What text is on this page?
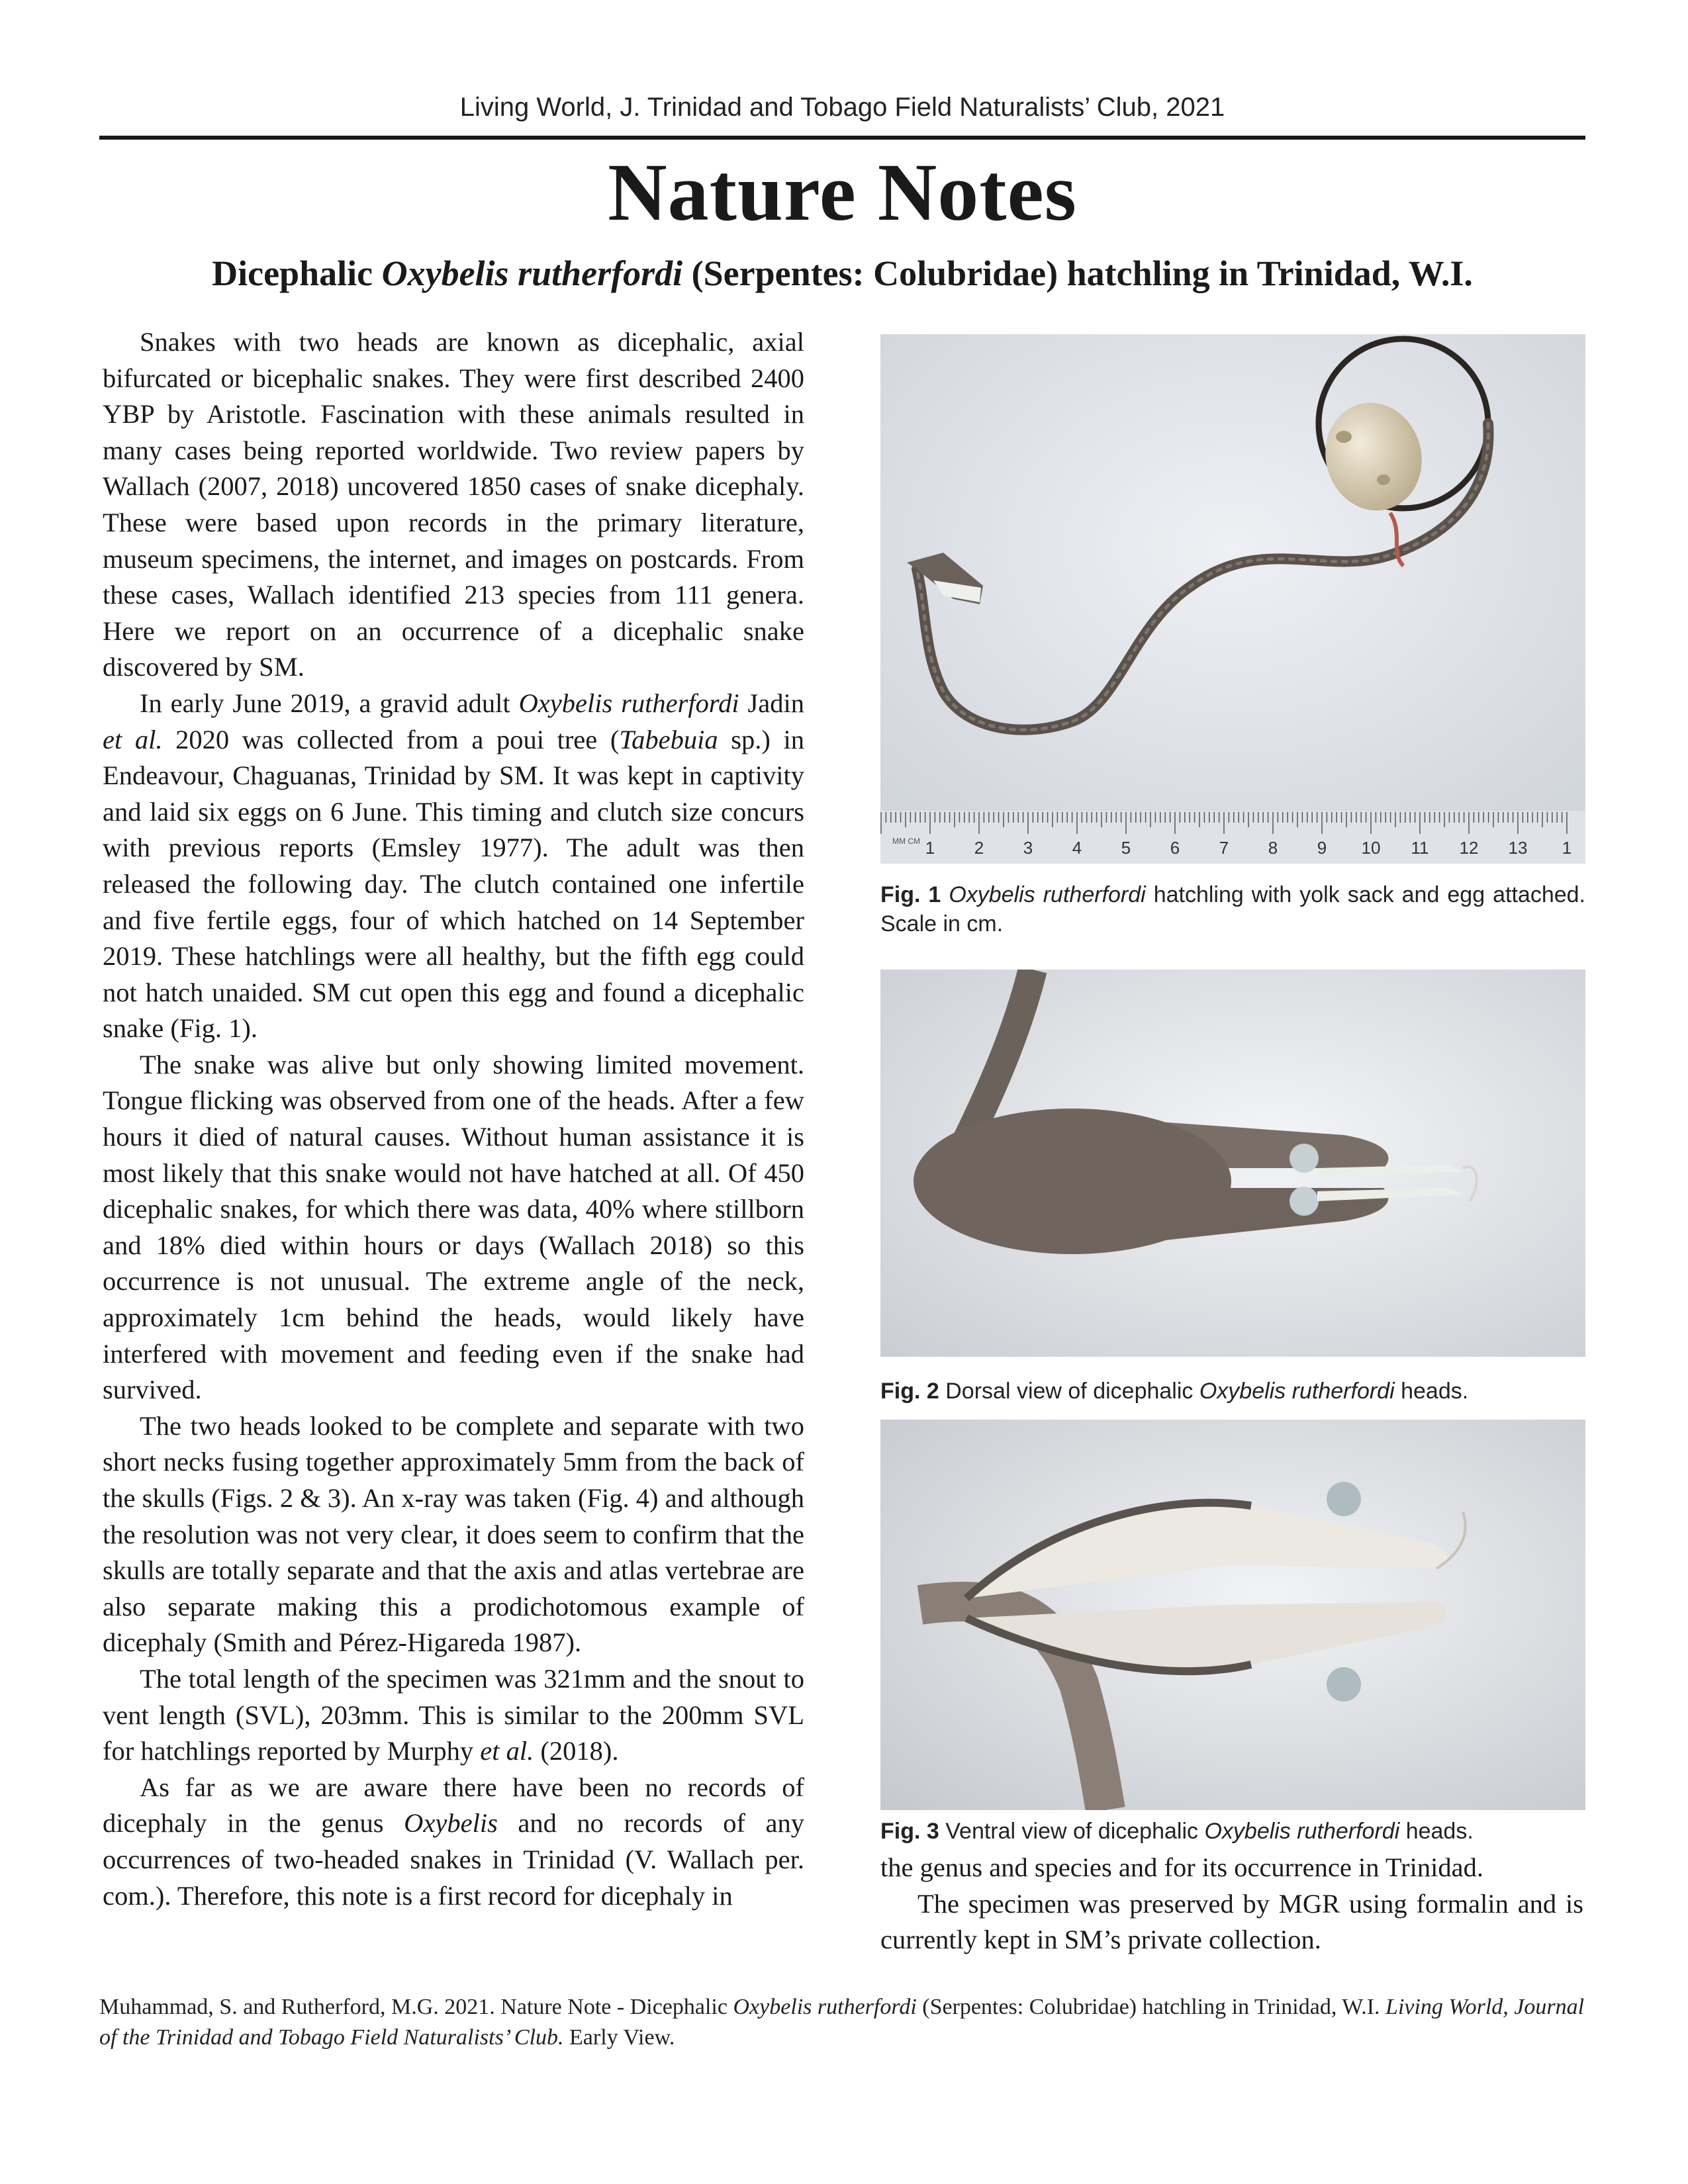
Living World, J. Trinidad and Tobago Field Naturalists’ Club, 2021
Nature Notes
Dicephalic Oxybelis rutherfordi (Serpentes: Colubridae) hatchling in Trinidad, W.I.

Snakes with two heads are known as dicephalic, axial bifurcated or bicephalic snakes. They were first described 2400 YBP by Aristotle. Fascination with these animals resulted in many cases being reported worldwide. Two review papers by Wallach (2007, 2018) uncovered 1850 cases of snake dicephaly. These were based upon records in the primary literature, museum specimens, the internet, and images on postcards. From these cases, Wallach identified 213 species from 111 genera. Here we report on an occurrence of a dicephalic snake discovered by SM.

In early June 2019, a gravid adult Oxybelis rutherfordi Jadin et al. 2020 was collected from a poui tree (Tabebuia sp.) in Endeavour, Chaguanas, Trinidad by SM. It was kept in captivity and laid six eggs on 6 June. This timing and clutch size concurs with previous reports (Emsley 1977). The adult was then released the following day. The clutch contained one infertile and five fertile eggs, four of which hatched on 14 September 2019. These hatchlings were all healthy, but the fifth egg could not hatch unaided. SM cut open this egg and found a dicephalic snake (Fig. 1).

The snake was alive but only showing limited movement. Tongue flicking was observed from one of the heads. After a few hours it died of natural causes. Without human assistance it is most likely that this snake would not have hatched at all. Of 450 dicephalic snakes, for which there was data, 40% where stillborn and 18% died within hours or days (Wallach 2018) so this occurrence is not unusual. The extreme angle of the neck, approximately 1cm behind the heads, would likely have interfered with movement and feeding even if the snake had survived.

The two heads looked to be complete and separate with two short necks fusing together approximately 5mm from the back of the skulls (Figs. 2 & 3). An x-ray was taken (Fig. 4) and although the resolution was not very clear, it does seem to confirm that the skulls are totally separate and that the axis and atlas vertebrae are also separate making this a prodichotomous example of dicephaly (Smith and Pérez-Higareda 1987).

The total length of the specimen was 321mm and the snout to vent length (SVL), 203mm. This is similar to the 200mm SVL for hatchlings reported by Murphy et al. (2018).

As far as we are aware there have been no records of dicephaly in the genus Oxybelis and no records of any occurrences of two-headed snakes in Trinidad (V. Wallach per. com.). Therefore, this note is a first record for dicephaly in

MM CM 1 2 3 4 5 6 7 8 9 10 11 12 13 1
Fig. 1 Oxybelis rutherfordi hatchling with yolk sack and egg attached. Scale in cm.
Fig. 2 Dorsal view of dicephalic Oxybelis rutherfordi heads.
Fig. 3 Ventral view of dicephalic Oxybelis rutherfordi heads.

the genus and species and for its occurrence in Trinidad.

The specimen was preserved by MGR using formalin and is currently kept in SM’s private collection.

Muhammad, S. and Rutherford, M.G. 2021. Nature Note - Dicephalic Oxybelis rutherfordi (Serpentes: Colubridae) hatchling in Trinidad, W.I. Living World, Journal of the Trinidad and Tobago Field Naturalists’ Club. Early View.
